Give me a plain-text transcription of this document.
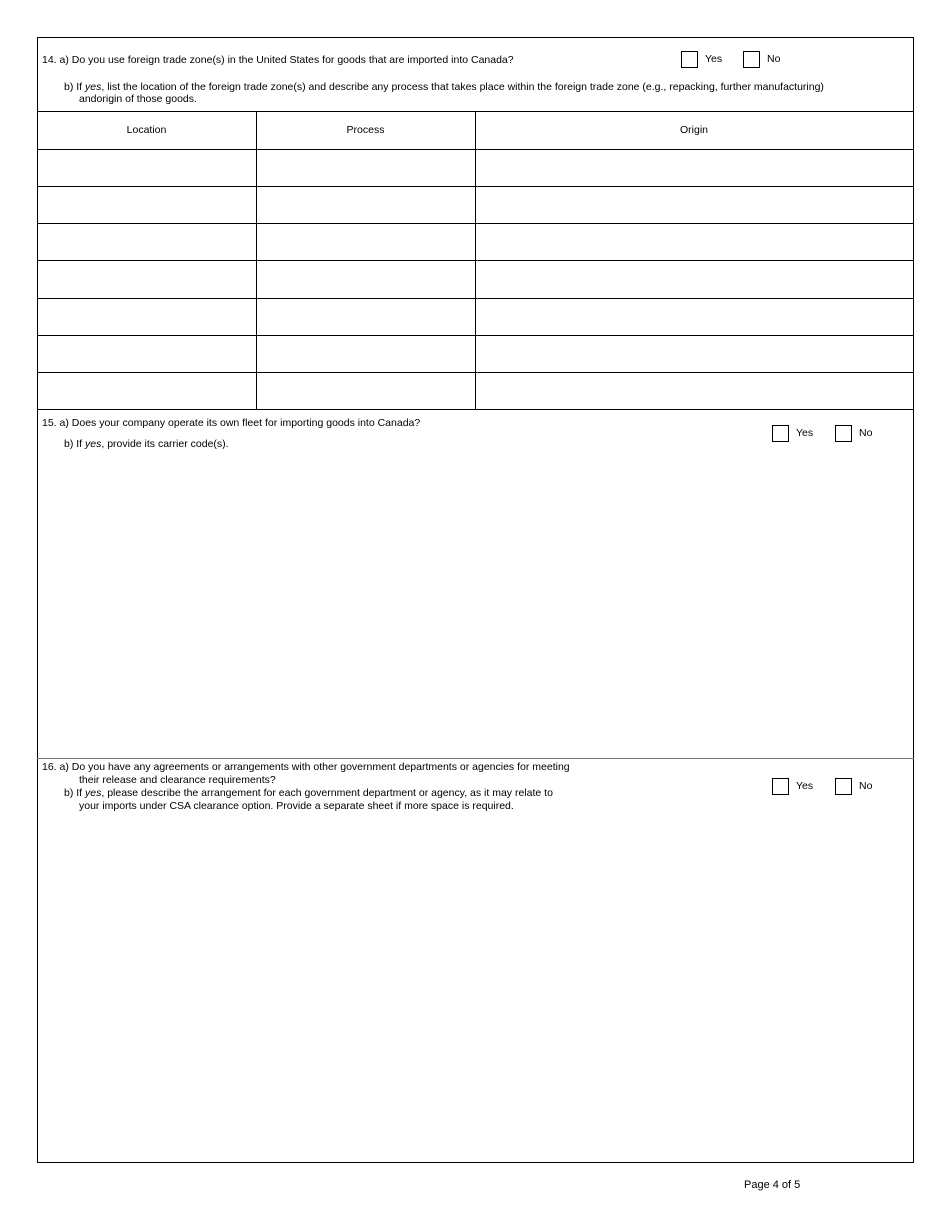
14. a) Do you use foreign trade zone(s) in the United States for goods that are imported into Canada?	Yes	No
b) If yes, list the location of the foreign trade zone(s) and describe any process that takes place within the foreign trade zone (e.g., repacking, further manufacturing)
andorigin of those goods.
Location	Process	Origin
15. a) Does your company operate its own fleet for importing goods into Canada?
b) If yes, provide its carrier code(s).
Yes	No
16. a) Do you have any agreements or arrangements with other government departments or agencies for meeting
their release and clearance requirements?
b) If yes, please describe the arrangement for each government department or agency, as it may relate to
your imports under CSA clearance option. Provide a separate sheet if more space is required.
Yes	No
Page 4 of 5
